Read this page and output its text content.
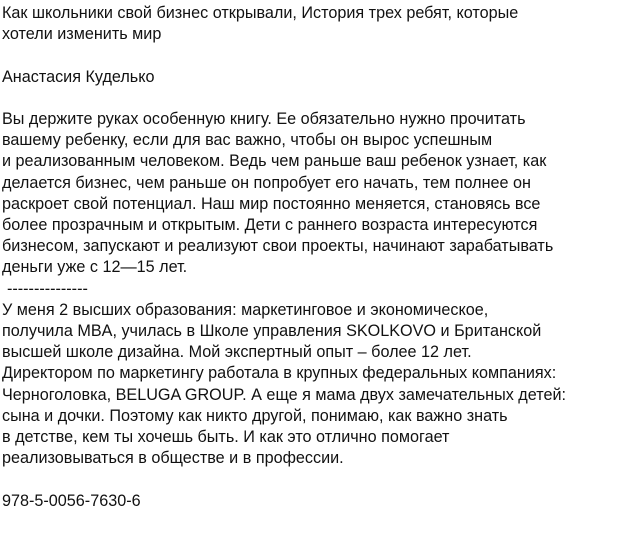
Как школьники свой бизнес открывали, История трех ребят, которые
хотели изменить мир
Анастасия Куделько
Вы держите руках особенную книгу. Ее обязательно нужно прочитать
вашему ребенку, если для вас важно, чтобы он вырос успешным
и реализованным человеком. Ведь чем раньше ваш ребенок узнает, как
делается бизнес, чем раньше он попробует его начать, тем полнее он
раскроет свой потенциал. Наш мир постоянно меняется, становясь все
более прозрачным и открытым. Дети с раннего возраста интересуются
бизнесом, запускают и реализуют свои проекты, начинают зарабатывать
деньги уже с 12—15 лет.
---------------
У меня 2 высших образования: маркетинговое и экономическое,
получила MBA, училась в Школе управления SKOLKOVO и Британской
высшей школе дизайна. Мой экспертный опыт – более 12 лет.
Директором по маркетингу работала в крупных федеральных компаниях:
Черноголовка, BELUGA GROUP. А еще я мама двух замечательных детей:
сына и дочки. Поэтому как никто другой, понимаю, как важно знать
в детстве, кем ты хочешь быть. И как это отлично помогает
реализовываться в обществе и в профессии.
978-5-0056-7630-6
